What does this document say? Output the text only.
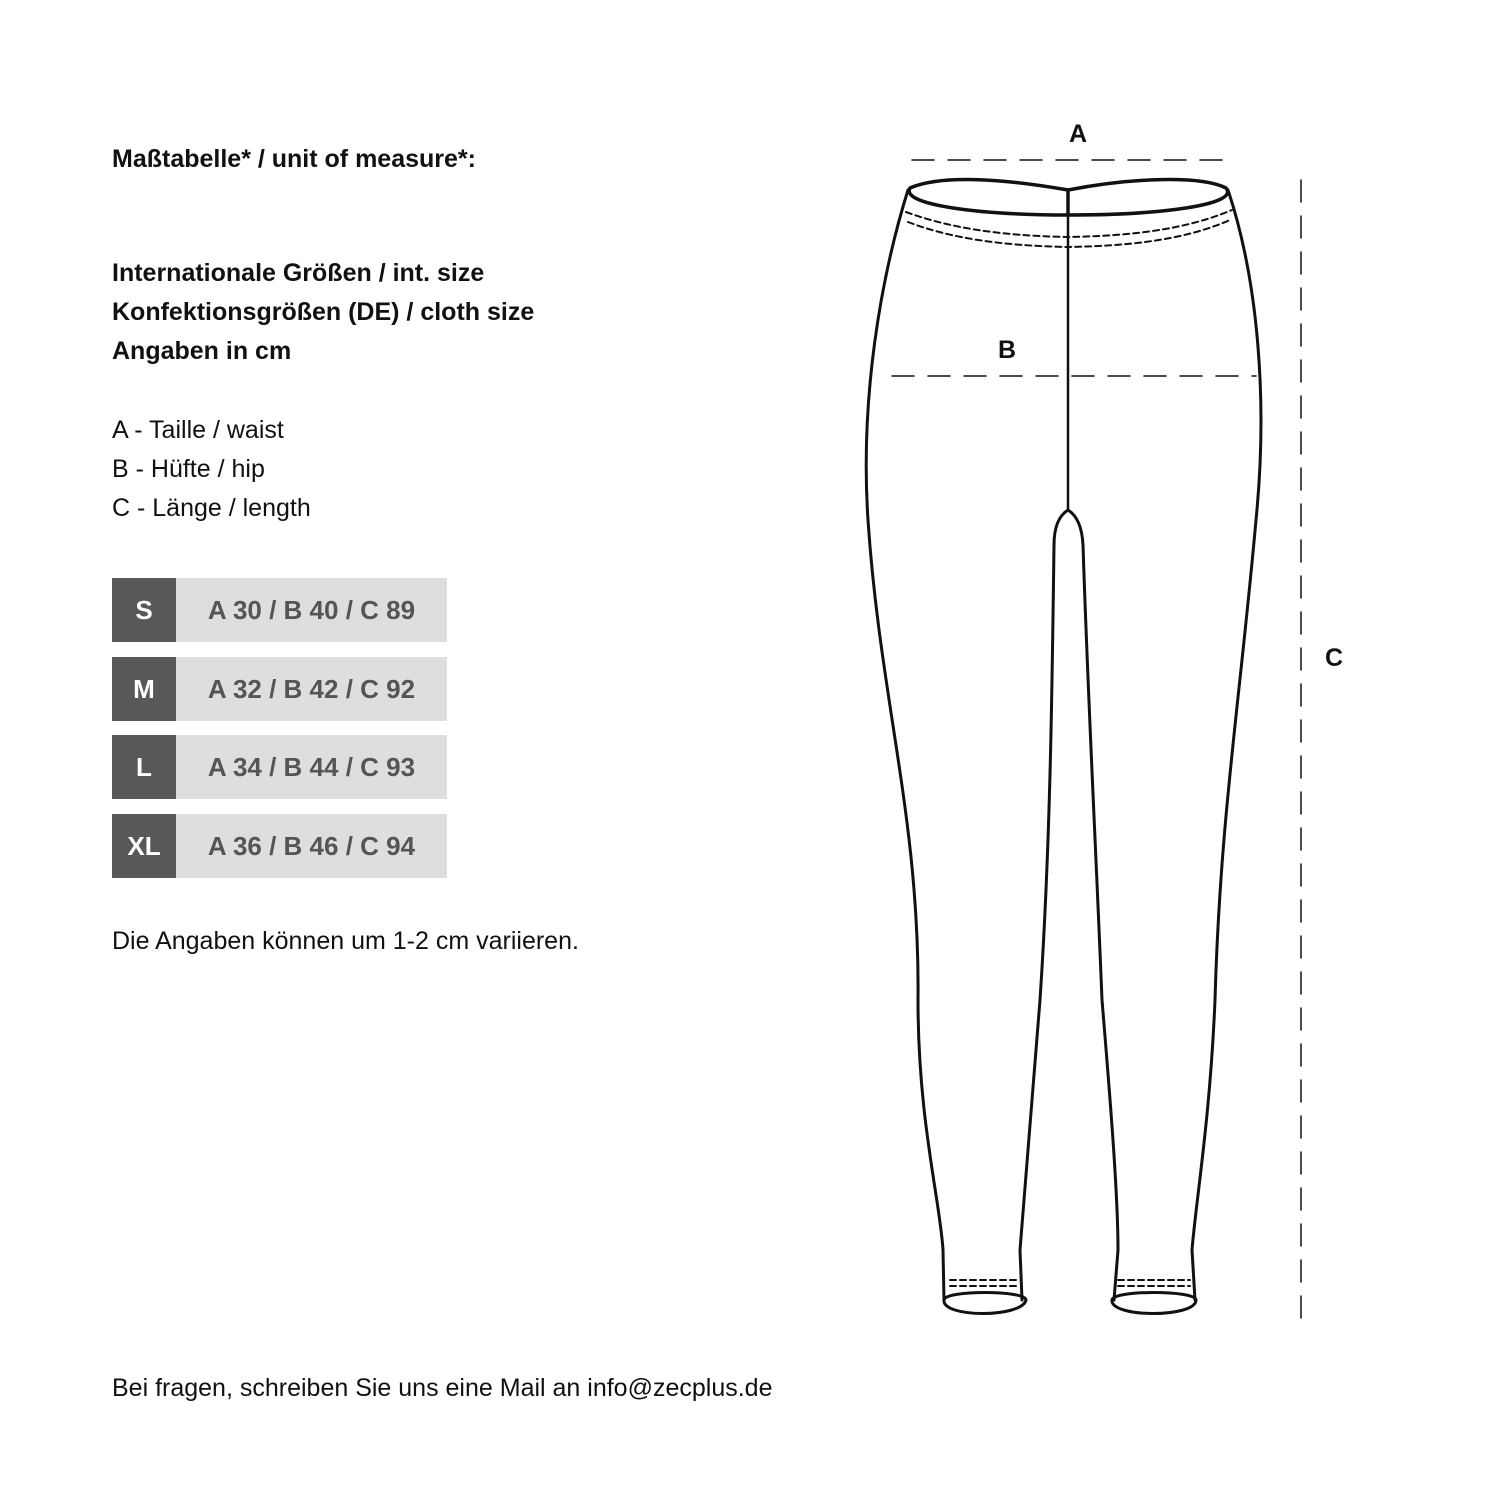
Maßtabelle* / unit of measure*:
Internationale Größen / int. size
Konfektionsgrößen (DE) / cloth size
Angaben in cm
A - Taille / waist
B - Hüfte / hip
C - Länge / length
S	A 30 / B 40 / C 89
M	A 32 / B 42 / C 92
L	A 34 / B 44 / C 93
XL	A 36 / B 46 / C 94
Die Angaben können um 1-2 cm variieren.
Bei fragen, schreiben Sie uns eine Mail an info@zecplus.de
A
B
C
